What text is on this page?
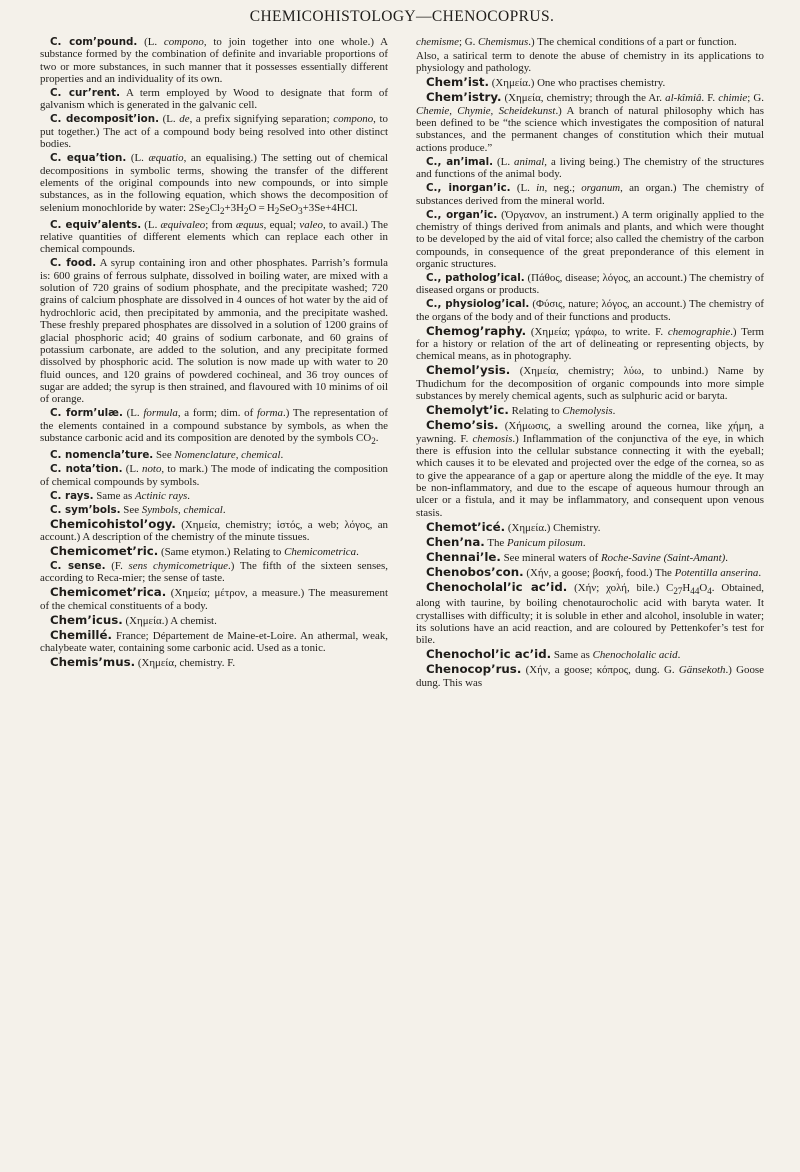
CHEMICOHISTOLOGY—CHENOCOPRUS.

C. com’pound. (L. compono, to join together into one whole.) A substance formed by the combination of definite and invariable proportions of two or more substances, in such manner that it possesses essentially different properties and an individuality of its own.

C. cur’rent. A term employed by Wood to designate that form of galvanism which is generated in the galvanic cell.

C. decomposit’ion. (L. de, a prefix signifying separation; compono, to put together.) The act of a compound body being resolved into other distinct bodies.

C. equa’tion. (L. æquatio, an equalising.) The setting out of chemical decompositions in symbolic terms, showing the transfer of the different elements of the original compounds into new compounds, or into simple substances, as in the following equation, which shows the decomposition of selenium monochloride by water: $2Se_2Cl_2+3H_2O = H_2SeO_3+3Se+4HCl$.

C. equiv’alents. (L. æquivaleo; from æquus, equal; valeo, to avail.) The relative quantities of different elements which can replace each other in chemical compounds.

C. food. A syrup containing iron and other phosphates. Parrish’s formula is: 600 grains of ferrous sulphate, dissolved in boiling water, are mixed with a solution of 720 grains of sodium phosphate, and the precipitate washed; 720 grains of calcium phosphate are dissolved in 4 ounces of hot water by the aid of hydrochloric acid, then precipitated by ammonia, and the precipitate washed. These freshly prepared phosphates are dissolved in a solution of 1200 grains of glacial phosphoric acid; 40 grains of sodium carbonate, and 60 grains of potassium carbonate, are added to the solution, and any precipitate formed dissolved by phosphoric acid. The solution is now made up with water to 20 fluid ounces, and 120 grains of powdered cochineal, and 36 troy ounces of sugar are added; the syrup is then strained, and flavoured with 10 minims of oil of orange.

C. form’ulæ. (L. formula, a form; dim. of forma.) The representation of the elements contained in a compound substance by symbols, as when the substance carbonic acid and its composition are denoted by the symbols $CO_2$.

C. nomencla’ture. See Nomenclature, chemical.

C. nota’tion. (L. noto, to mark.) The mode of indicating the composition of chemical compounds by symbols.

C. rays. Same as Actinic rays.

C. sym’bols. See Symbols, chemical.

Chemicohistol’ogy. (Χημεία, chemistry; ἱστός, a web; λόγος, an account.) A description of the chemistry of the minute tissues.

Chemicomet’ric. (Same etymon.) Relating to Chemicometrica.

C. sense. (F. sens chymicometrique.) The fifth of the sixteen senses, according to Reca-mier; the sense of taste.

Chemicomet’rica. (Χημεία; μέτρον, a measure.) The measurement of the chemical constituents of a body.

Chem’icus. (Χημεία.) A chemist.

Chemillé. France; Département de Maine-et-Loire. An athermal, weak, chalybeate water, containing some carbonic acid. Used as a tonic.

Chemis’mus. (Χημεία, chemistry. F.

chemisme; G. Chemismus.) The chemical conditions of a part or function.

Also, a satirical term to denote the abuse of chemistry in its applications to physiology and pathology.

Chem’ist. (Χημεία.) One who practises chemistry.

Chem’istry. (Χημεία, chemistry; through the Ar. al-kîmiâ. F. chimie; G. Chemie, Chymie, Scheidekunst.) A branch of natural philosophy which has been defined to be “the science which investigates the composition of natural substances, and the permanent changes of constitution which their mutual actions produce.”

C., an’imal. (L. animal, a living being.) The chemistry of the structures and functions of the animal body.

C., inorgan’ic. (L. in, neg.; organum, an organ.) The chemistry of substances derived from the mineral world.

C., organ’ic. (Ὀργανον, an instrument.) A term originally applied to the chemistry of things derived from animals and plants, and which were thought to be developed by the aid of vital force; also called the chemistry of the carbon compounds, in consequence of the great preponderance of this element in organic structures.

C., patholog’ical. (Πάθος, disease; λόγος, an account.) The chemistry of diseased organs or products.

C., physiolog’ical. (Φύσις, nature; λόγος, an account.) The chemistry of the organs of the body and of their functions and products.

Chemog’raphy. (Χημεία; γράφω, to write. F. chemographie.) Term for a history or relation of the art of delineating or representing objects, by chemical means, as in photography.

Chemol’ysis. (Χημεία, chemistry; λύω, to unbind.) Name by Thudichum for the decomposition of organic compounds into more simple substances by merely chemical agents, such as sulphuric acid or baryta.

Chemolyt’ic. Relating to Chemolysis.

Chemo’sis. (Χήμωσις, a swelling around the cornea, like χήμη, a yawning. F. chemosis.) Inflammation of the conjunctiva of the eye, in which there is effusion into the cellular substance connecting it with the eyeball; which causes it to be elevated and projected over the edge of the cornea, so as to give the appearance of a gap or aperture along the middle of the eye. It may be non-inflammatory, and due to the escape of aqueous humour through an ulcer or a fistula, and it may be inflammatory, and consequent upon venous stasis.

Chemot’icé. (Χημεία.) Chemistry.

Chen’na. The Panicum pilosum.

Chennai’le. See mineral waters of Roche-Savine (Saint-Amant).

Chenobos’con. (Χήν, a goose; βοσκή, food.) The Potentilla anserina.

Chenocholal’ic ac’id. (Χήν; χολή, bile.) $C_{27}H_{44}O_4$. Obtained, along with taurine, by boiling chenotaurocholic acid with baryta water. It crystallises with difficulty; it is soluble in ether and alcohol, insoluble in water; its solutions have an acid reaction, and are coloured by Pettenkofer’s test for bile.

Chenochol’ic ac’id. Same as Chenocholalic acid.

Chenocop’rus. (Χήν, a goose; κόπρος, dung. G. Gänsekoth.) Goose dung. This was
